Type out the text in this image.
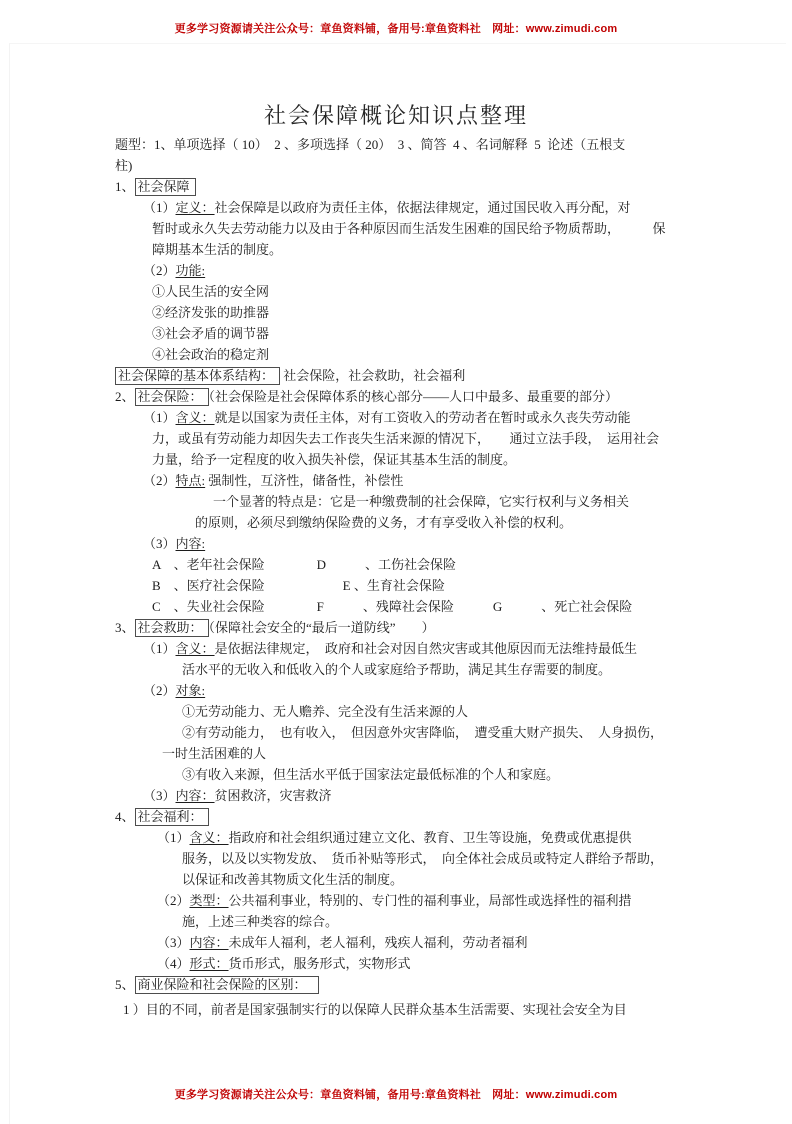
更多学习资源请关注公众号：章鱼资料铺，备用号:章鱼资料社　网址：www.zimudi.com
社会保障概论知识点整理
题型：1、单项选择（ 10）  2 、多项选择（ 20）  3 、简答  4 、名词解释  5  论述（五根支
柱)
1、 社会保障
（1）定义：社会保障是以政府为责任主体，依据法律规定，通过国民收入再分配，对
暂时或永久失去劳动能力以及由于各种原因而生活发生困难的国民给予物质帮助，　　　保
障期基本生活的制度。
（2）功能:
①人民生活的安全网
②经济发张的助推器
③社会矛盾的调节器
④社会政治的稳定剂
社会保障的基本体系结构： 社会保险，社会救助，社会福利
2、 社会保险： （社会保险是社会保障体系的核心部分——人口中最多、最重要的部分）
（1）含义：就是以国家为责任主体，对有工资收入的劳动者在暂时或永久丧失劳动能
力，或虽有劳动能力却因失去工作丧失生活来源的情况下，　　通过立法手段，　运用社会
力量，给予一定程度的收入损失补偿，保证其基本生活的制度。
（2）特点: 强制性，互济性，储备性，补偿性
一个显著的特点是：它是一种缴费制的社会保障，它实行权利与义务相关
的原则，必须尽到缴纳保险费的义务，才有享受收入补偿的权利。
（3）内容:
A　、老年社会保险　　　　D　　　、工伤社会保险
B　、医疗社会保险　　　　　　E 、生育社会保险
C　、失业社会保险　　　　F　　　、残障社会保险　　　G　　　、死亡社会保险
3、 社会救助： （保障社会安全的“最后一道防线”　　）
（1）含义：是依据法律规定，　政府和社会对因自然灾害或其他原因而无法维持最低生
活水平的无收入和低收入的个人或家庭给予帮助，满足其生存需要的制度。
（2）对象:
①无劳动能力、无人赡养、完全没有生活来源的人
②有劳动能力，　也有收入，　但因意外灾害降临，　遭受重大财产损失、　人身损伤，
一时生活困难的人
③有收入来源，但生活水平低于国家法定最低标准的个人和家庭。
（3）内容：贫困救济，灾害救济
4、 社会福利：
（1）含义：指政府和社会组织通过建立文化、教育、卫生等设施，免费或优惠提供
服务，以及以实物发放、　货币补贴等形式，　向全体社会成员或特定人群给予帮助，
以保证和改善其物质文化生活的制度。
（2）类型：公共福利事业，特别的、专门性的福利事业，局部性或选择性的福利措
施，上述三种类容的综合。
（3）内容：未成年人福利，老人福利，残疾人福利，劳动者福利
（4）形式：货币形式，服务形式，实物形式
5、 商业保险和社会保险的区别：　
1 ）目的不同，前者是国家强制实行的以保障人民群众基本生活需要、实现社会安全为目
更多学习资源请关注公众号：章鱼资料铺，备用号:章鱼资料社　网址：www.zimudi.com
